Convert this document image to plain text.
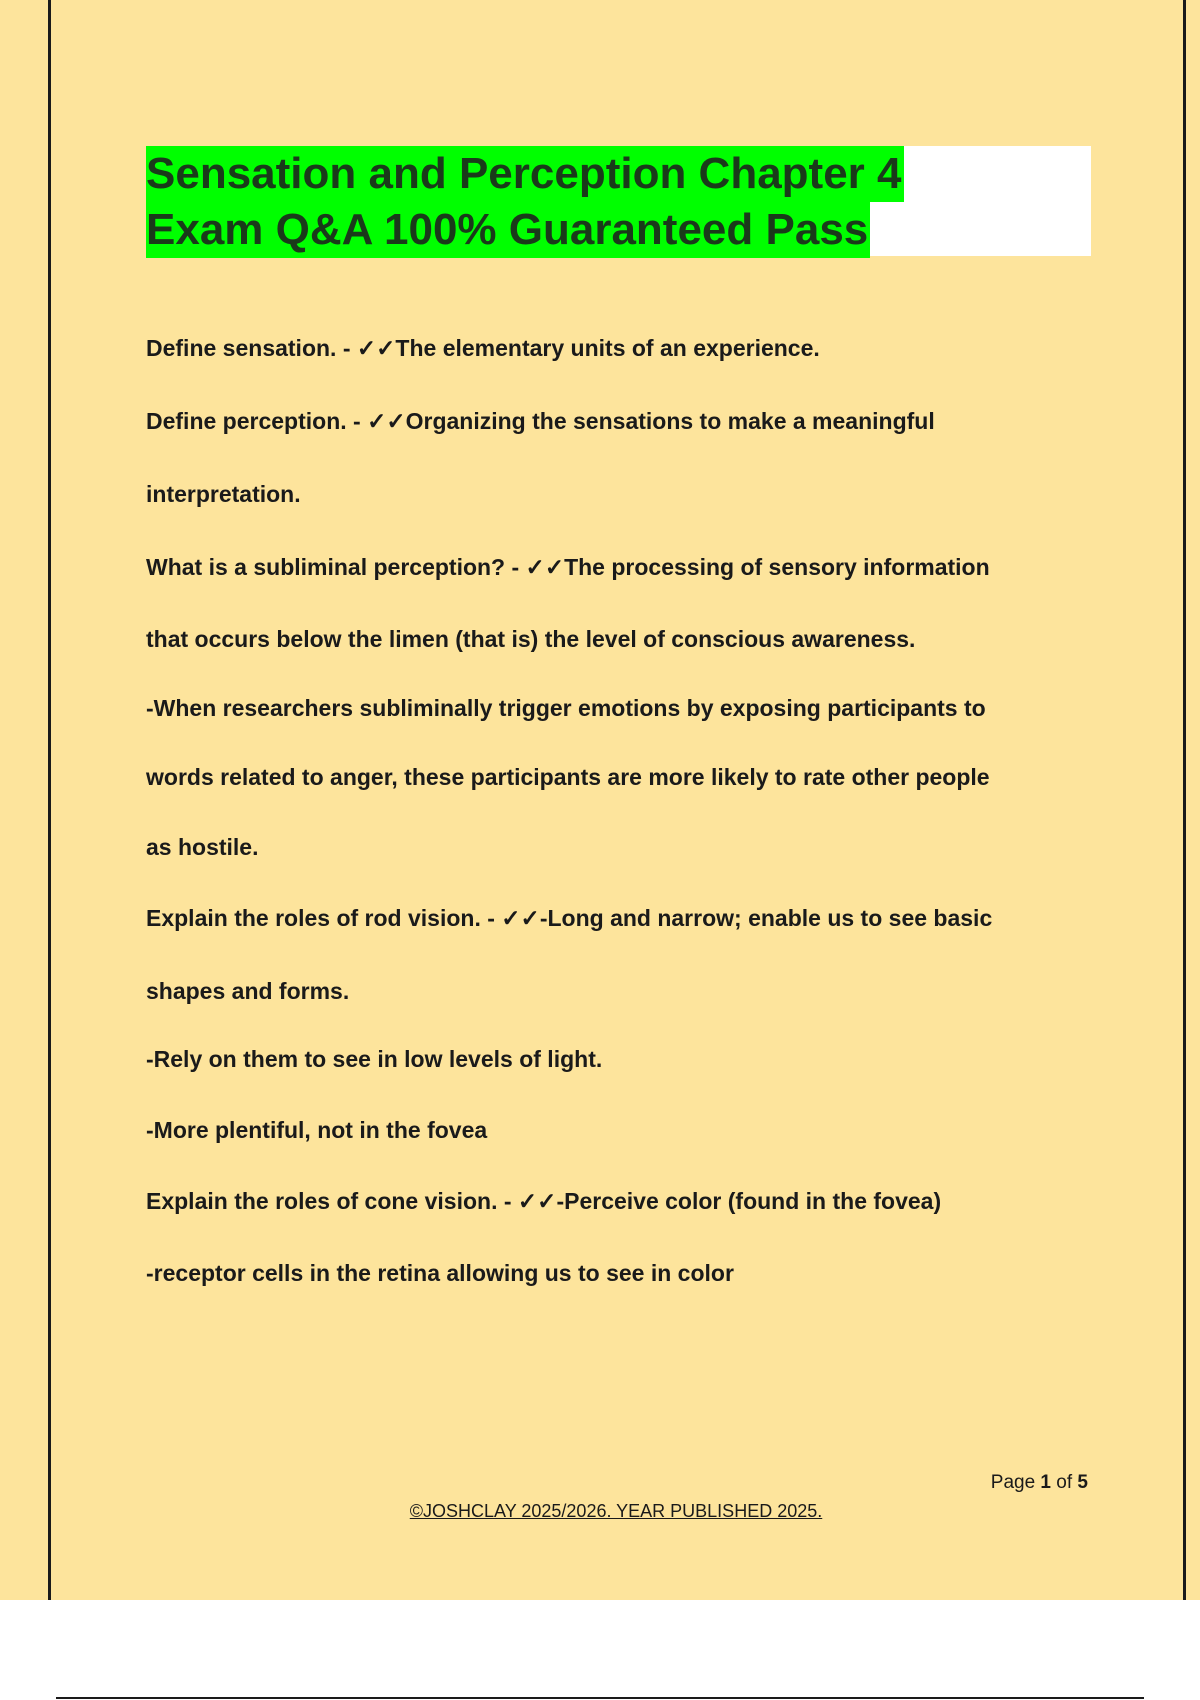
Sensation and Perception Chapter 4
Exam Q&A 100% Guaranteed Pass
Define sensation. - ✓✓The elementary units of an experience.
Define perception. - ✓✓Organizing the sensations to make a meaningful
interpretation.
What is a subliminal perception? - ✓✓The processing of sensory information
that occurs below the limen (that is) the level of conscious awareness.
-When researchers subliminally trigger emotions by exposing participants to
words related to anger, these participants are more likely to rate other people
as hostile.
Explain the roles of rod vision. - ✓✓-Long and narrow; enable us to see basic
shapes and forms.
-Rely on them to see in low levels of light.
-More plentiful, not in the fovea
Explain the roles of cone vision. - ✓✓-Perceive color (found in the fovea)
-receptor cells in the retina allowing us to see in color
Page 1 of 5
©JOSHCLAY 2025/2026. YEAR PUBLISHED 2025.
